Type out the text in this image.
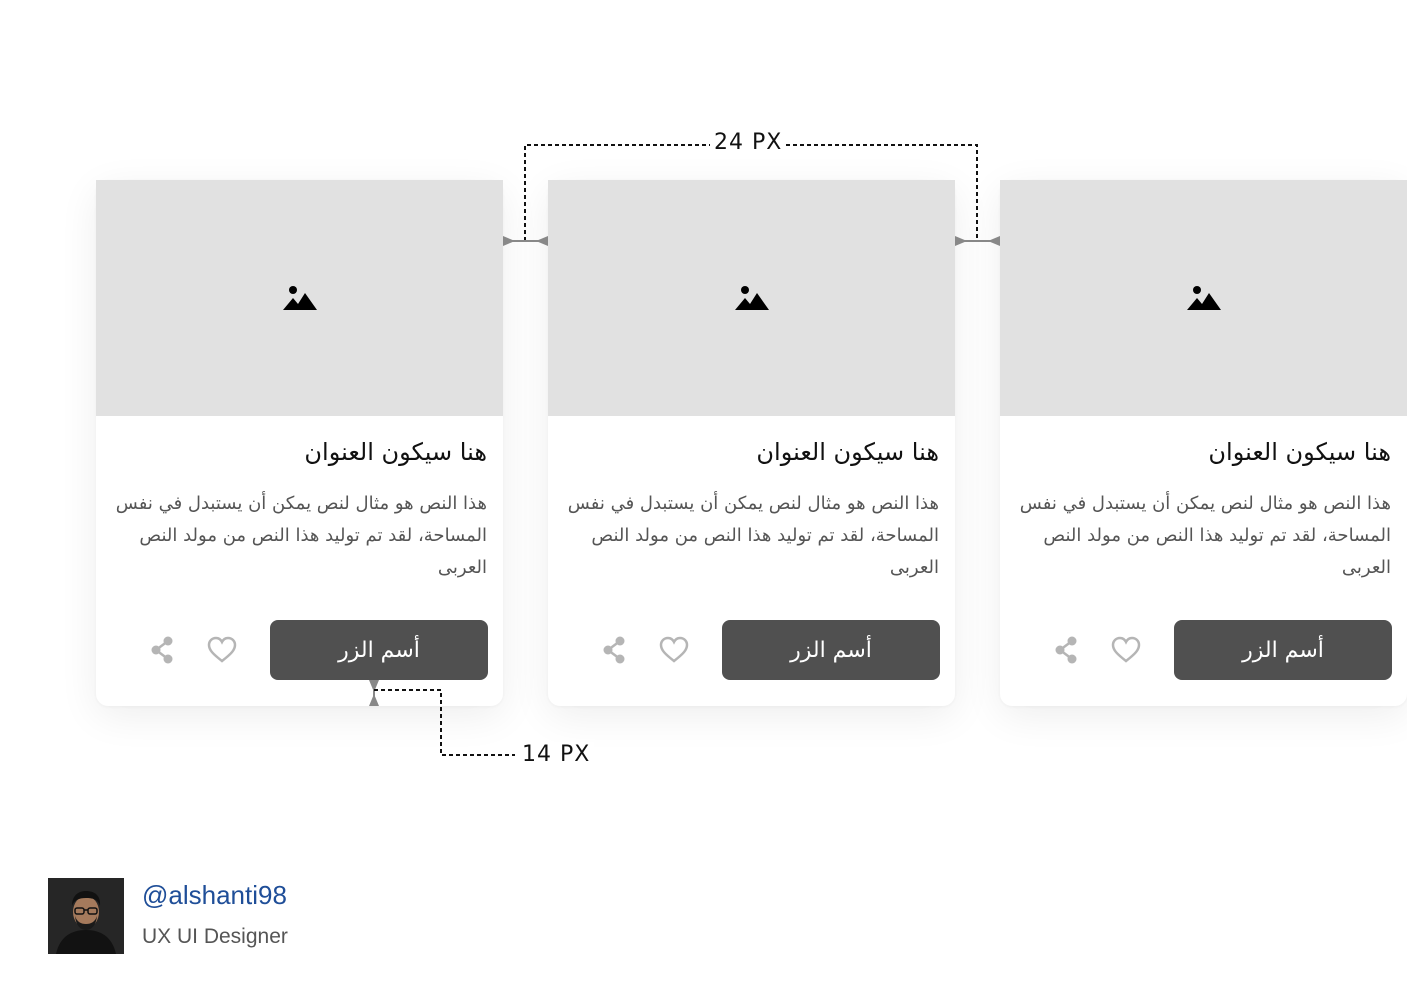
هنا سيكون العنوان

هذا النص هو مثال لنص يمكن أن يستبدل في نفس المساحة، لقد تم توليد هذا النص من مولد النص العربى

أسم الزر
هنا سيكون العنوان

هذا النص هو مثال لنص يمكن أن يستبدل في نفس المساحة، لقد تم توليد هذا النص من مولد النص العربى

أسم الزر
هنا سيكون العنوان

هذا النص هو مثال لنص يمكن أن يستبدل في نفس المساحة، لقد تم توليد هذا النص من مولد النص العربى

أسم الزر
24 PX
14 PX
@alshanti98
UX UI Designer
